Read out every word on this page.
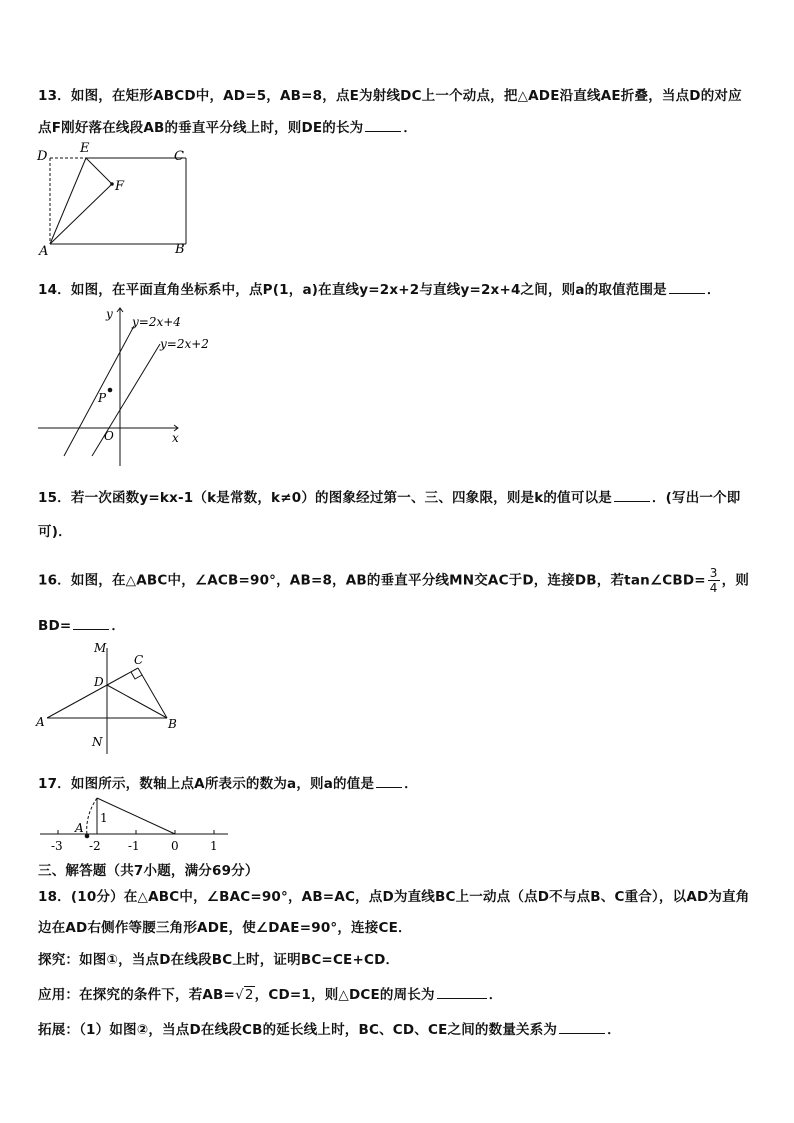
13．如图，在矩形ABCD中，AD=5，AB=8，点E为射线DC上一个动点，把△ADE沿直线AE折叠，当点D的对应
点F刚好落在线段AB的垂直平分线上时，则DE的长为	．
D
E
C
F
A	B
14．如图，在平面直角坐标系中，点P(1，a)在直线y=2x+2与直线y=2x+4之间，则a的取值范围是	．
y
x
O
P
y=2x+4
y=2x+2
15．若一次函数y=kx-1（k是常数，k≠0）的图象经过第一、三、四象限，则是k的值可以是	．(写出一个即
可)．
16．如图，在△ABC中，∠ACB=90°，AB=8，AB的垂直平分线MN交AC于D，连接DB，若tan∠CBD= $\frac{3}{4}$ ，则
BD=	．
M
C
D
A	B
N
17．如图所示，数轴上点A所表示的数为a，则a的值是 ．
A
1
-3 -2 -1	0	1
三、解答题（共7小题，满分69分）
18．(10分）在△ABC中，∠BAC=90°，AB=AC，点D为直线BC上一动点（点D不与点B、C重合），以AD为直角
边在AD右侧作等腰三角形ADE，使∠DAE=90°，连接CE．
探究：如图①，当点D在线段BC上时，证明BC=CE+CD．
应用：在探究的条件下，若AB=√2，CD=1，则△DCE的周长为	．
拓展：（1）如图②，当点D在线段CB的延长线上时，BC、CD、CE之间的数量关系为	．
